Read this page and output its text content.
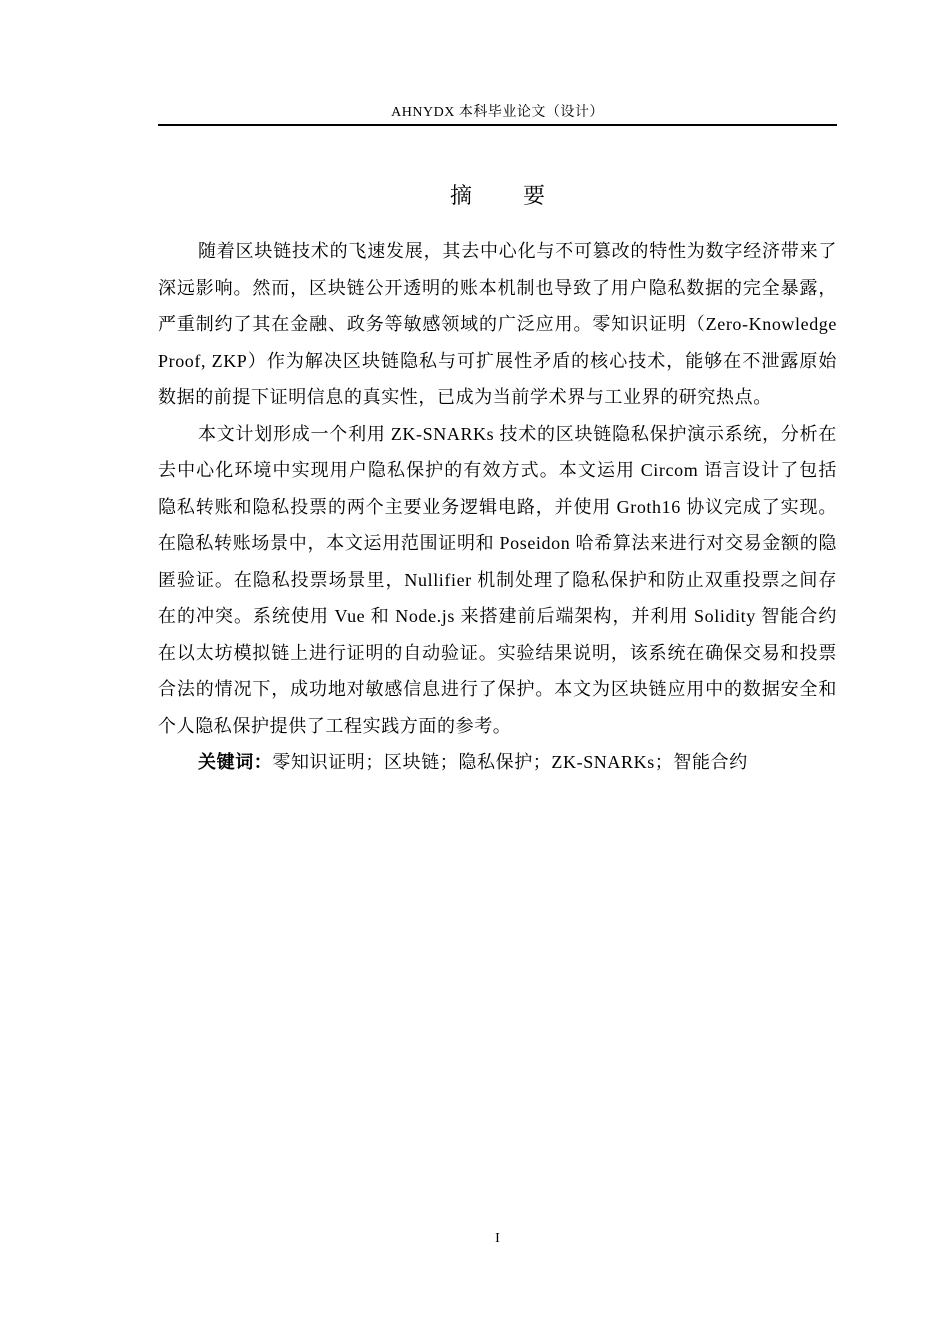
AHNYDX 本科毕业论文（设计）
摘 要

随着区块链技术的飞速发展，其去中心化与不可篡改的特性为数字经济带来了深远影响。然而，区块链公开透明的账本机制也导致了用户隐私数据的完全暴露，严重制约了其在金融、政务等敏感领域的广泛应用。零知识证明（Zero-Knowledge Proof, ZKP）作为解决区块链隐私与可扩展性矛盾的核心技术，能够在不泄露原始数据的前提下证明信息的真实性，已成为当前学术界与工业界的研究热点。

本文计划形成一个利用 ZK-SNARKs 技术的区块链隐私保护演示系统，分析在去中心化环境中实现用户隐私保护的有效方式。本文运用 Circom 语言设计了包括隐私转账和隐私投票的两个主要业务逻辑电路，并使用 Groth16 协议完成了实现。在隐私转账场景中，本文运用范围证明和 Poseidon 哈希算法来进行对交易金额的隐匿验证。在隐私投票场景里，Nullifier 机制处理了隐私保护和防止双重投票之间存在的冲突。系统使用 Vue 和 Node.js 来搭建前后端架构，并利用 Solidity 智能合约在以太坊模拟链上进行证明的自动验证。实验结果说明，该系统在确保交易和投票合法的情况下，成功地对敏感信息进行了保护。本文为区块链应用中的数据安全和个人隐私保护提供了工程实践方面的参考。

关键词：零知识证明；区块链；隐私保护；ZK-SNARKs；智能合约

I
